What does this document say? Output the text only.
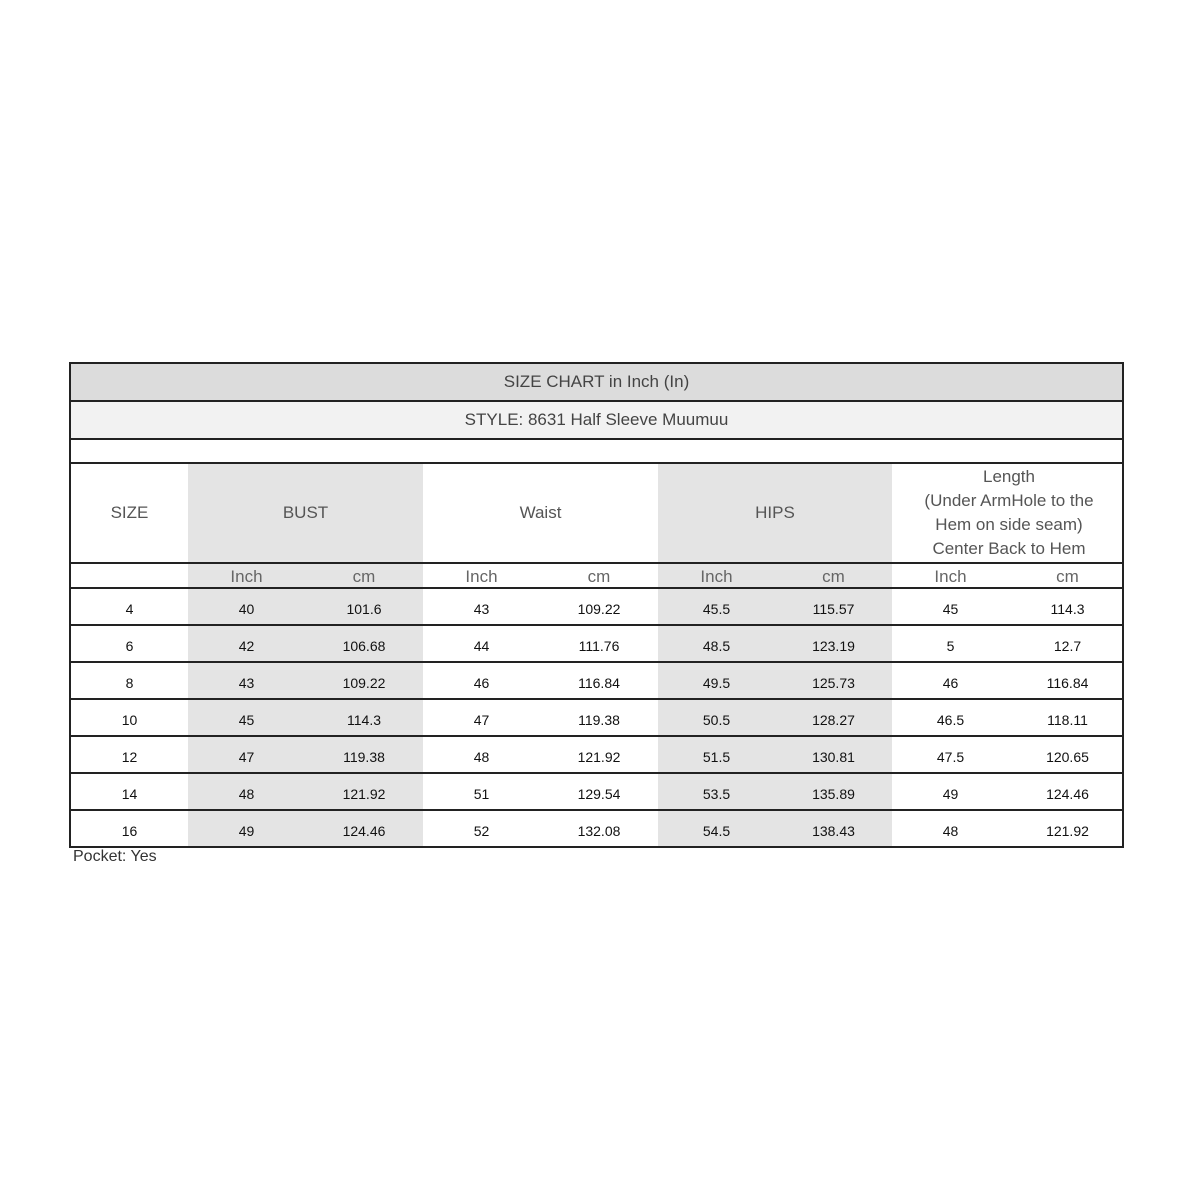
SIZE CHART in Inch (In)
STYLE: 8631 Half Sleeve Muumuu
SIZE	BUST	Waist	HIPS
Length
(Under ArmHole to the
Hem on side seam)
Center Back to Hem
Inch	cm	Inch	cm	Inch	cm	Inch	cm
4	40	101.6	43	109.22	45.5	115.57	45	114.3
6	42	106.68	44	111.76	48.5	123.19	5	12.7
8	43	109.22	46	116.84	49.5	125.73	46	116.84
10	45	114.3	47	119.38	50.5	128.27	46.5	118.11
12	47	119.38	48	121.92	51.5	130.81	47.5	120.65
14	48	121.92	51	129.54	53.5	135.89	49	124.46
16	49	124.46	52	132.08	54.5	138.43	48	121.92
Pocket: Yes
